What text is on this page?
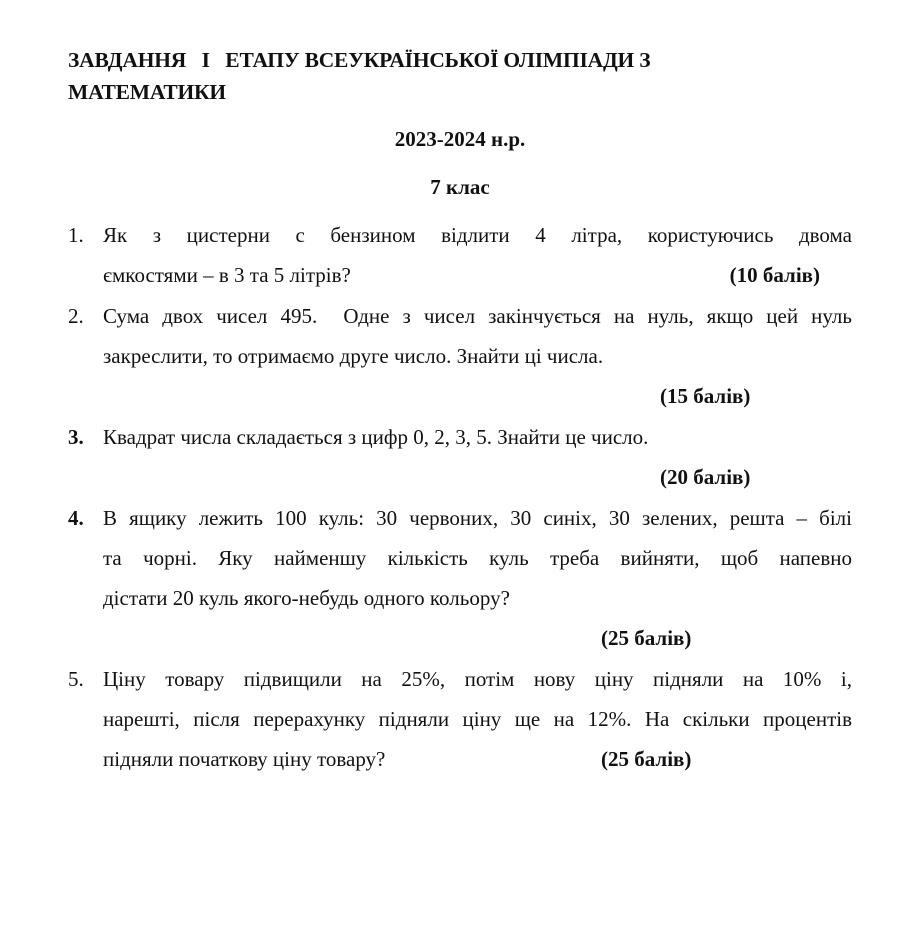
ЗАВДАННЯ   І   ЕТАПУ ВСЕУКРАЇНСЬКОЇ ОЛІМПІАДИ З
МАТЕМАТИКИ
2023-2024 н.р.
7 клас
1. Як з цистерни с бензином відлити 4 літра, користуючись двома
ємкостями – в 3 та 5 літрів?	(10 балів)
2. Сума двох чисел 495.  Одне з чисел закінчується на нуль, якщо цей нуль
закреслити, то отримаємо друге число. Знайти ці числа.
(15 балів)
3. Квадрат числа складається з цифр 0, 2, 3, 5. Знайти це число.
(20 балів)
4. В ящику лежить 100 куль: 30 червоних, 30 синіх, 30 зелених, решта – білі
та чорні. Яку найменшу кількість куль треба вийняти, щоб напевно
дістати 20 куль якого-небудь одного кольору?
(25 балів)
5. Ціну товару підвищили на 25%, потім нову ціну підняли на 10% і,
нарешті, після перерахунку підняли ціну ще на 12%. На скільки процентів
підняли початкову ціну товару?	(25 балів)
